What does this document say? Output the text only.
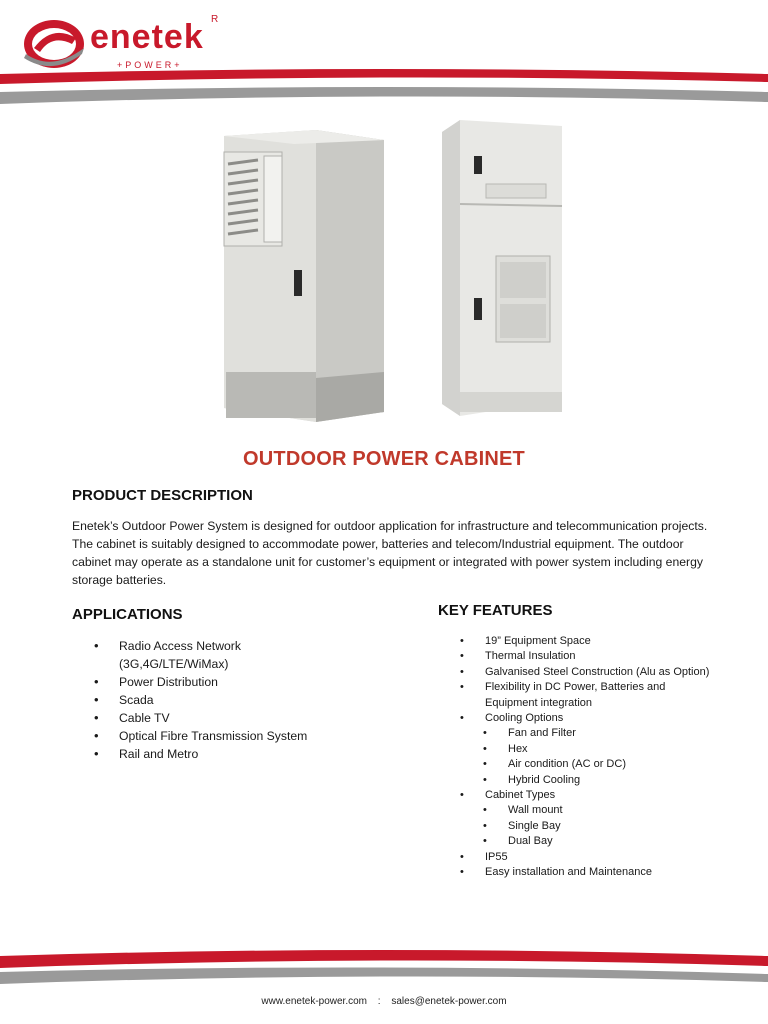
enetek
+POWER+
R
OUTDOOR POWER CABINET
PRODUCT DESCRIPTION
Enetek’s Outdoor Power System is designed for outdoor application for infrastructure and telecommunication projects. The cabinet is suitably designed to accommodate power, batteries and telecom/Industrial equipment. The outdoor cabinet may operate as a standalone unit for customer’s equipment or integrated with power system including energy storage batteries.
APPLICATIONS
• Radio Access Network
(3G,4G/LTE/WiMax)
• Power Distribution
• Scada
• Cable TV
• Optical Fibre Transmission System
• Rail and Metro
KEY FEATURES
• 19” Equipment Space
• Thermal Insulation
• Galvanised Steel Construction (Alu as Option)
• Flexibility in DC Power, Batteries and
Equipment integration
• Cooling Options
• Fan and Filter
• Hex
• Air condition (AC or DC)
• Hybrid Cooling
• Cabinet Types
• Wall mount
• Single Bay
• Dual Bay
• IP55
• Easy installation and Maintenance
www.enetek-power.com : sales@enetek-power.com
